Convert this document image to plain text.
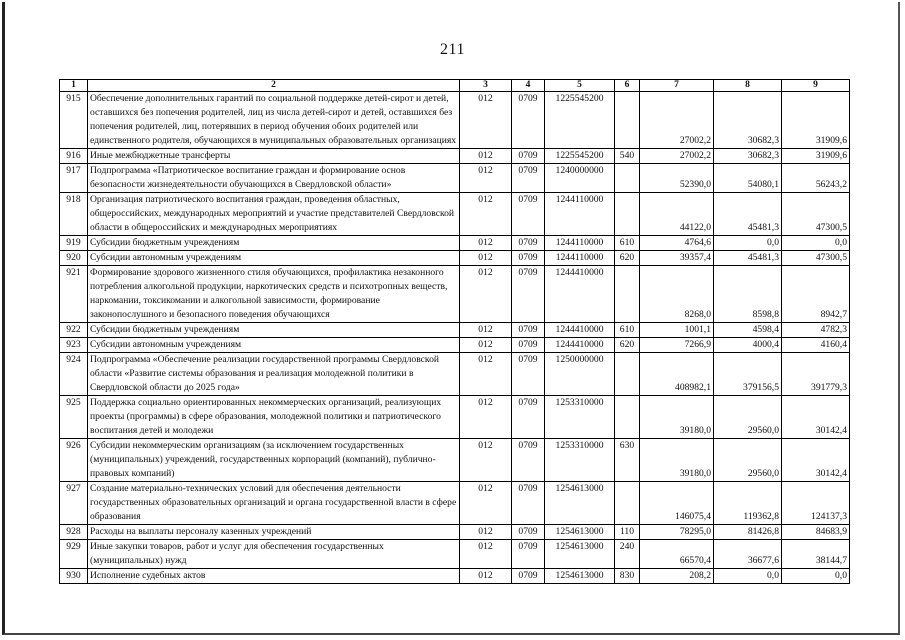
211
1	2	3	4	5	6	7	8	9
915	Обеспечение дополнительных гарантий по социальной поддержке детей-сирот и детей, оставшихся без попечения родителей, лиц из числа детей-сирот и детей, оставшихся без попечения родителей, лиц, потерявших в период обучения обоих родителей или единственного родителя, обучающихся в муниципальных образовательных организациях	012	0709	1225545200		27002,2	30682,3	31909,6
916	Иные межбюджетные трансферты	012	0709	1225545200	540	27002,2	30682,3	31909,6
917	Подпрограмма «Патриотическое воспитание граждан и формирование основ безопасности жизнедеятельности обучающихся в Свердловской области»	012	0709	1240000000		52390,0	54080,1	56243,2
918	Организация патриотического воспитания граждан, проведения областных, общероссийских, международных мероприятий и участие представителей Свердловской области в общероссийских и международных мероприятиях	012	0709	1244110000		44122,0	45481,3	47300,5
919	Субсидии бюджетным учреждениям	012	0709	1244110000	610	4764,6	0,0	0,0
920	Субсидии автономным учреждениям	012	0709	1244110000	620	39357,4	45481,3	47300,5
921	Формирование здорового жизненного стиля обучающихся, профилактика незаконного потребления алкогольной продукции, наркотических средств и психотропных веществ, наркомании, токсикомании и алкогольной зависимости, формирование законопослушного и безопасного поведения обучающихся	012	0709	1244410000		8268,0	8598,8	8942,7
922	Субсидии бюджетным учреждениям	012	0709	1244410000	610	1001,1	4598,4	4782,3
923	Субсидии автономным учреждениям	012	0709	1244410000	620	7266,9	4000,4	4160,4
924	Подпрограмма «Обеспечение реализации государственной программы Свердловской области «Развитие системы образования и реализация молодежной политики в Свердловской области до 2025 года»	012	0709	1250000000		408982,1	379156,5	391779,3
925	Поддержка социально ориентированных некоммерческих организаций, реализующих проекты (программы) в сфере образования, молодежной политики и патриотического воспитания детей и молодежи	012	0709	1253310000		39180,0	29560,0	30142,4
926	Субсидии некоммерческим организациям (за исключением государственных (муниципальных) учреждений, государственных корпораций (компаний), публично-правовых компаний)	012	0709	1253310000	630	39180,0	29560,0	30142,4
927	Создание материально-технических условий для обеспечения деятельности государственных образовательных организаций и органа государственной власти в сфере образования	012	0709	1254613000		146075,4	119362,8	124137,3
928	Расходы на выплаты персоналу казенных учреждений	012	0709	1254613000	110	78295,0	81426,8	84683,9
929	Иные закупки товаров, работ и услуг для обеспечения государственных (муниципальных) нужд	012	0709	1254613000	240	66570,4	36677,6	38144,7
930	Исполнение судебных актов	012	0709	1254613000	830	208,2	0,0	0,0
